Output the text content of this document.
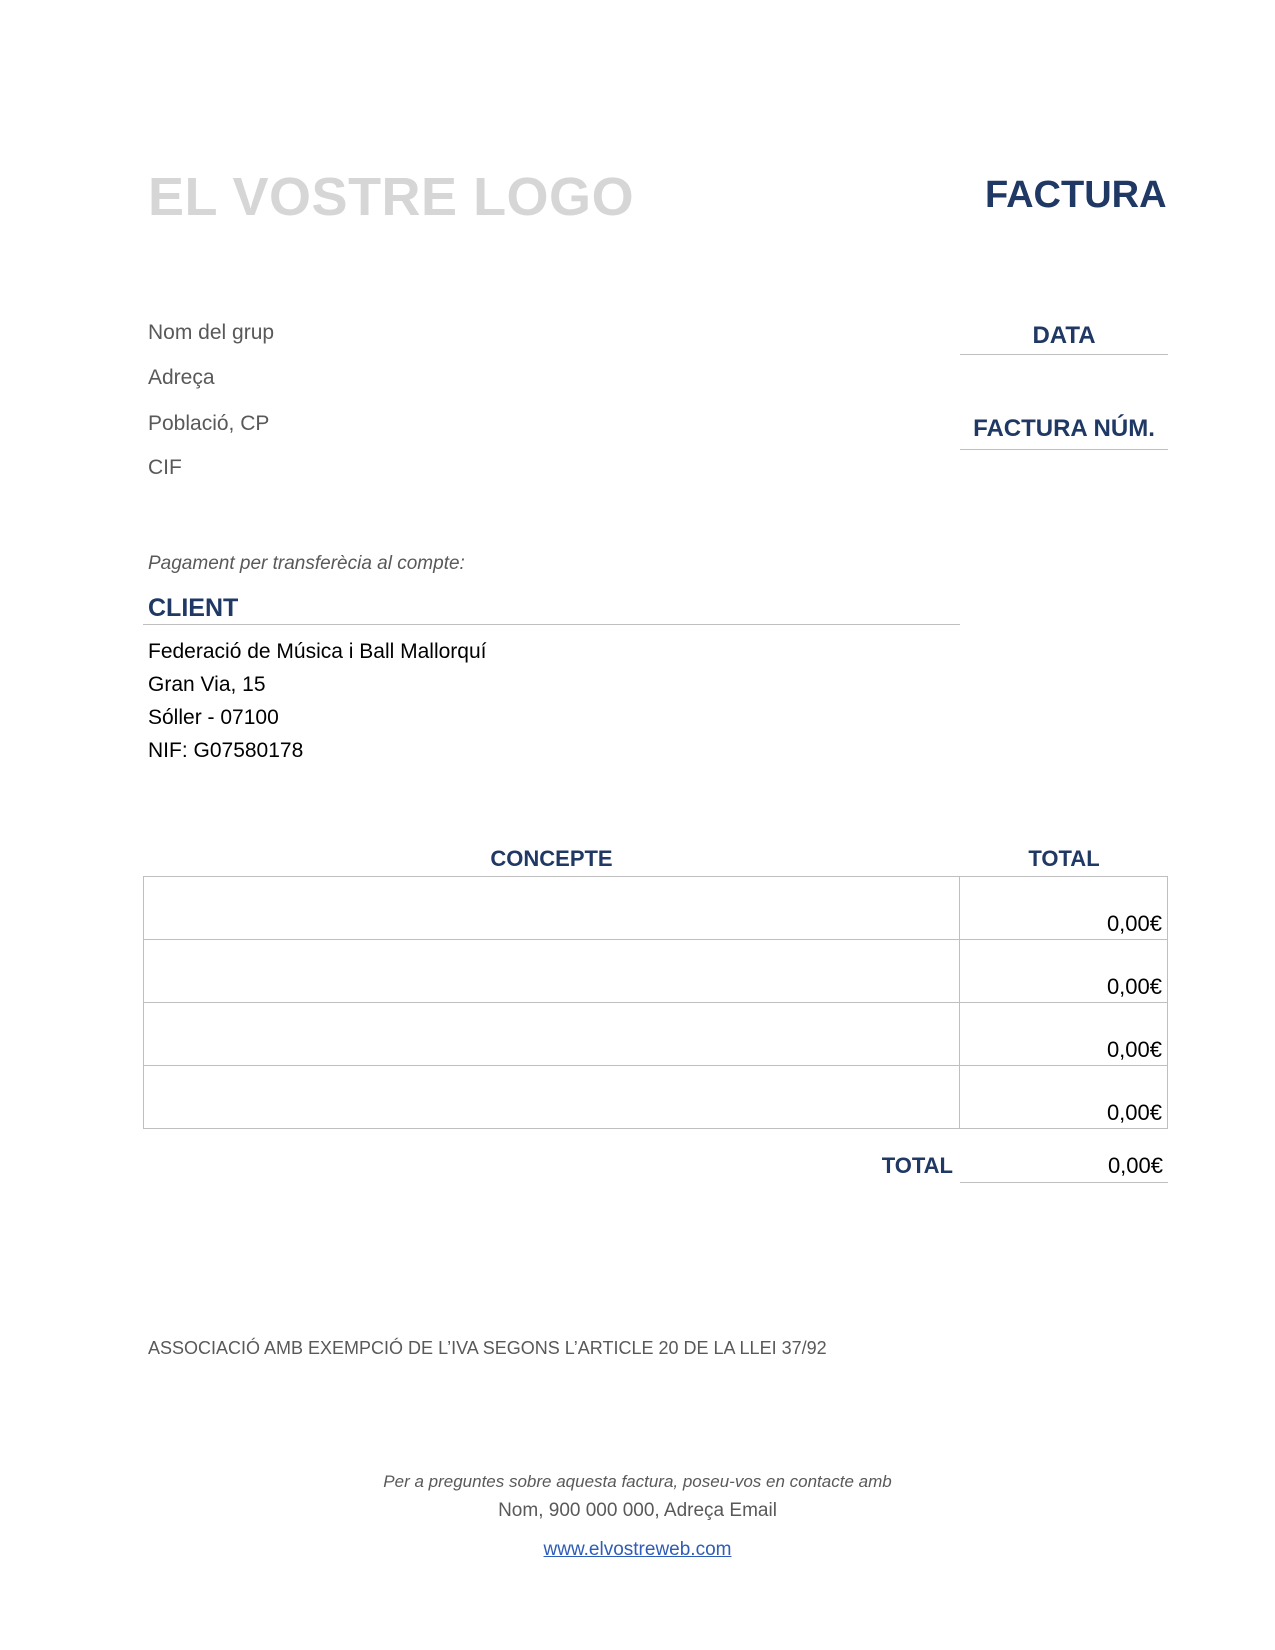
EL VOSTRE LOGO	FACTURA
Nom del grup
Adreça
Població, CP
CIF
DATA
FACTURA NÚM.
Pagament per transferècia al compte:
CLIENT
Federació de Música i Ball Mallorquí
Gran Via, 15
Sóller - 07100
NIF: G07580178
CONCEPTE	TOTAL
	0,00€
	0,00€
	0,00€
	0,00€
TOTAL	0,00€
ASSOCIACIÓ AMB EXEMPCIÓ DE L’IVA SEGONS L’ARTICLE 20 DE LA LLEI 37/92
Per a preguntes sobre aquesta factura, poseu-vos en contacte amb
Nom, 900 000 000, Adreça Email
www.elvostreweb.com
